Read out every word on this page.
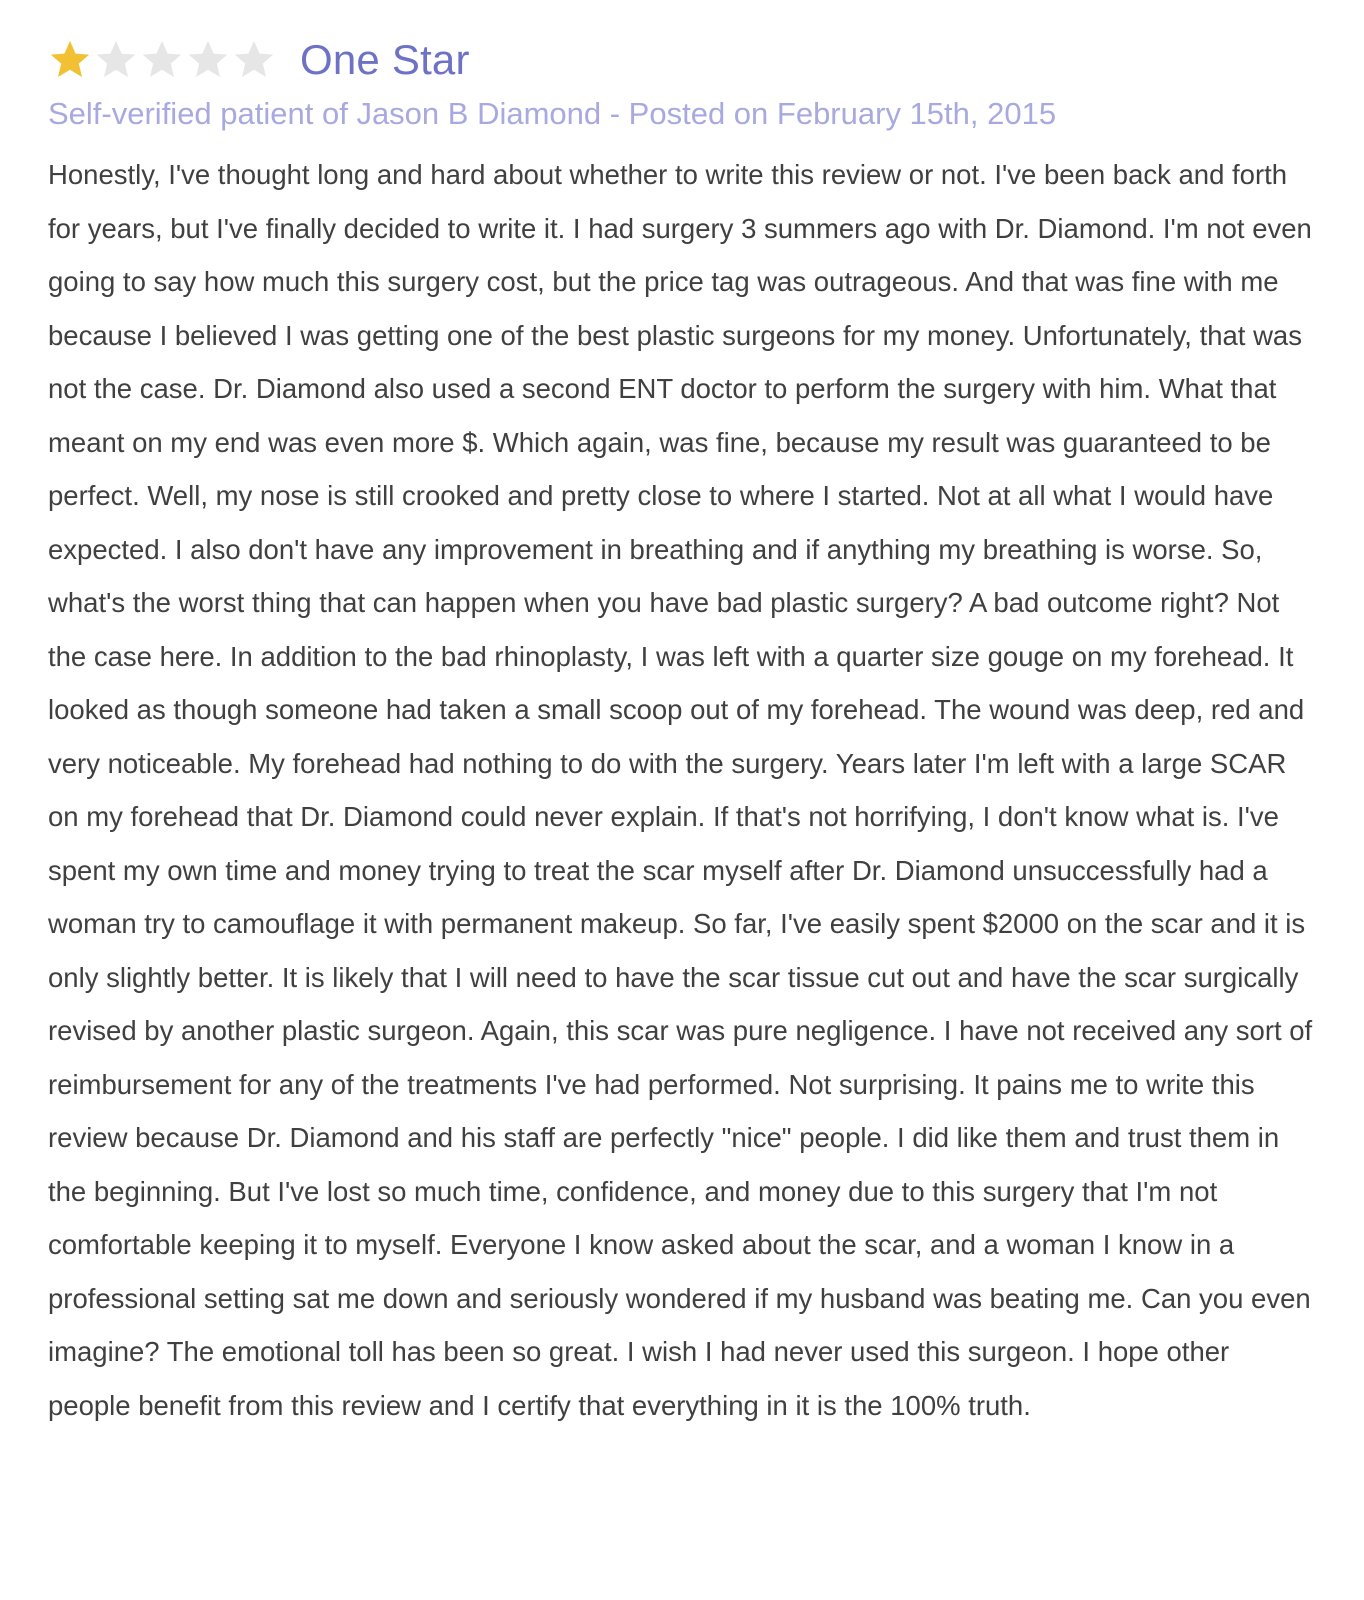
One Star
Self-verified patient of Jason B Diamond - Posted on February 15th, 2015
Honestly, I've thought long and hard about whether to write this review or not. I've been back and forth for years, but I've finally decided to write it. I had surgery 3 summers ago with Dr. Diamond. I'm not even going to say how much this surgery cost, but the price tag was outrageous. And that was fine with me because I believed I was getting one of the best plastic surgeons for my money. Unfortunately, that was not the case. Dr. Diamond also used a second ENT doctor to perform the surgery with him. What that meant on my end was even more $. Which again, was fine, because my result was guaranteed to be perfect. Well, my nose is still crooked and pretty close to where I started. Not at all what I would have expected. I also don't have any improvement in breathing and if anything my breathing is worse. So, what's the worst thing that can happen when you have bad plastic surgery? A bad outcome right? Not the case here. In addition to the bad rhinoplasty, I was left with a quarter size gouge on my forehead. It looked as though someone had taken a small scoop out of my forehead. The wound was deep, red and very noticeable. My forehead had nothing to do with the surgery. Years later I'm left with a large SCAR on my forehead that Dr. Diamond could never explain. If that's not horrifying, I don't know what is. I've spent my own time and money trying to treat the scar myself after Dr. Diamond unsuccessfully had a woman try to camouflage it with permanent makeup. So far, I've easily spent $2000 on the scar and it is only slightly better. It is likely that I will need to have the scar tissue cut out and have the scar surgically revised by another plastic surgeon. Again, this scar was pure negligence. I have not received any sort of reimbursement for any of the treatments I've had performed. Not surprising. It pains me to write this review because Dr. Diamond and his staff are perfectly "nice" people. I did like them and trust them in the beginning. But I've lost so much time, confidence, and money due to this surgery that I'm not comfortable keeping it to myself. Everyone I know asked about the scar, and a woman I know in a professional setting sat me down and seriously wondered if my husband was beating me. Can you even imagine? The emotional toll has been so great. I wish I had never used this surgeon. I hope other people benefit from this review and I certify that everything in it is the 100% truth.
